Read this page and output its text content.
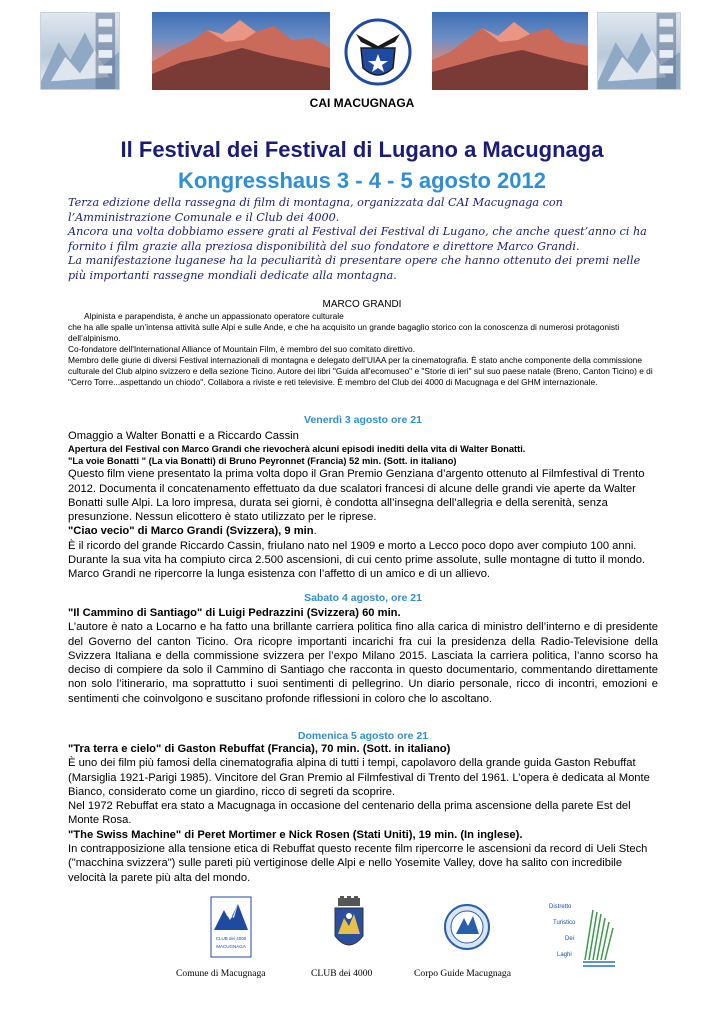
CAI MACUGNAGA
Il Festival dei Festival di Lugano a Macugnaga
Kongresshaus 3 - 4 - 5 agosto 2012

Terza edizione della rassegna di film di montagna, organizzata dal CAI Macugnaga con l’Amministrazione Comunale e il Club dei 4000.

Ancora una volta dobbiamo essere grati al Festival dei Festival di Lugano, che anche quest’anno ci ha fornito i film grazie alla preziosa disponibilità del suo fondatore e direttore Marco Grandi.

La manifestazione luganese ha la peculiarità di presentare opere che hanno ottenuto dei premi nelle più importanti rassegne mondiali dedicate alla montagna.

MARCO GRANDI

Alpinista e parapendista, è anche un appassionato operatore culturale

che ha alle spalle un’intensa attività sulle Alpi e sulle Ande, e che ha acquisito un grande bagaglio storico con la conoscenza di numerosi protagonisti dell’alpinismo.

Co-fondatore dell'International Alliance of Mountain Film, è membro del suo comitato direttivo.

Membro delle giurie di diversi Festival internazionali di montagna e delegato dell’UIAA per la cinematografia. È stato anche componente della commissione culturale del Club alpino svizzero e della sezione Ticino. Autore dei libri "Guida all'ecomuseo" e "Storie di ieri" sul suo paese natale (Breno, Canton Ticino) e di "Cerro Torre...aspettando un chiodo". Collabora a riviste e reti televisive. È membro del Club dei 4000 di Macugnaga e del GHM internazionale.

Venerdì 3 agosto ore 21

Omaggio a Walter Bonatti e a Riccardo Cassin

Apertura del Festival con Marco Grandi che rievocherà alcuni episodi inediti della vita di Walter Bonatti.

"La voie Bonatti " (La via Bonatti) di Bruno Peyronnet (Francia) 52 min. (Sott. in italiano)

Questo film viene presentato la prima volta dopo il Gran Premio Genziana d’argento ottenuto al Filmfestival di Trento 2012. Documenta il concatenamento effettuato da due scalatori francesi di alcune delle grandi vie aperte da Walter Bonatti sulle Alpi. La loro impresa, durata sei giorni, è condotta all’insegna dell’allegria e della serenità, senza presunzione. Nessun elicottero è stato utilizzato per le riprese.

"Ciao vecio" di Marco Grandi (Svizzera), 9 min.

È il ricordo del grande Riccardo Cassin, friulano nato nel 1909 e morto a Lecco poco dopo aver compiuto 100 anni. Durante la sua vita ha compiuto circa 2.500 ascensioni, di cui cento prime assolute, sulle montagne di tutto il mondo. Marco Grandi ne ripercorre la lunga esistenza con l’affetto di un amico e di un allievo.

Sabato 4 agosto, ore 21

"Il Cammino di Santiago" di Luigi Pedrazzini (Svizzera) 60 min.

L’autore è nato a Locarno e ha fatto una brillante carriera politica fino alla carica di ministro dell’interno e di presidente del Governo del canton Ticino. Ora ricopre importanti incarichi fra cui la presidenza della Radio-Televisione della Svizzera Italiana e della commissione svizzera per l’expo Milano 2015. Lasciata la carriera politica, l’anno scorso ha deciso di compiere da solo il Cammino di Santiago che racconta in questo documentario, commentando direttamente non solo l’itinerario, ma soprattutto i suoi sentimenti di pellegrino. Un diario personale, ricco di incontri, emozioni e sentimenti che coinvolgono e suscitano profonde riflessioni in coloro che lo ascoltano.

Domenica 5 agosto ore 21

"Tra terra e cielo" di Gaston Rebuffat (Francia), 70 min. (Sott. in italiano)

È uno dei film più famosi della cinematografia alpina di tutti i tempi, capolavoro della grande guida Gaston Rebuffat (Marsiglia 1921-Parigi 1985). Vincitore del Gran Premio al Filmfestival di Trento del 1961. L’opera è dedicata al Monte Bianco, considerato come un giardino, ricco di segreti da scoprire.

Nel 1972 Rebuffat era stato a Macugnaga in occasione del centenario della prima ascensione della parete Est del Monte Rosa.

"The Swiss Machine" di Peret Mortimer e Nick Rosen (Stati Uniti), 19 min. (In inglese).

In contrapposizione alla tensione etica di Rebuffat questo recente film ripercorre le ascensioni da record di Ueli Stech ("macchina svizzera") sulle pareti più vertiginose delle Alpi e nello Yosemite Valley, dove ha salito con incredibile velocità la parete più alta del mondo.

CLUB dei 4000
MACUGNAGA
Distretto
Turistico
Dei
Laghi
Comune di Macugnaga	CLUB dei 4000	Corpo Guide Macugnaga
